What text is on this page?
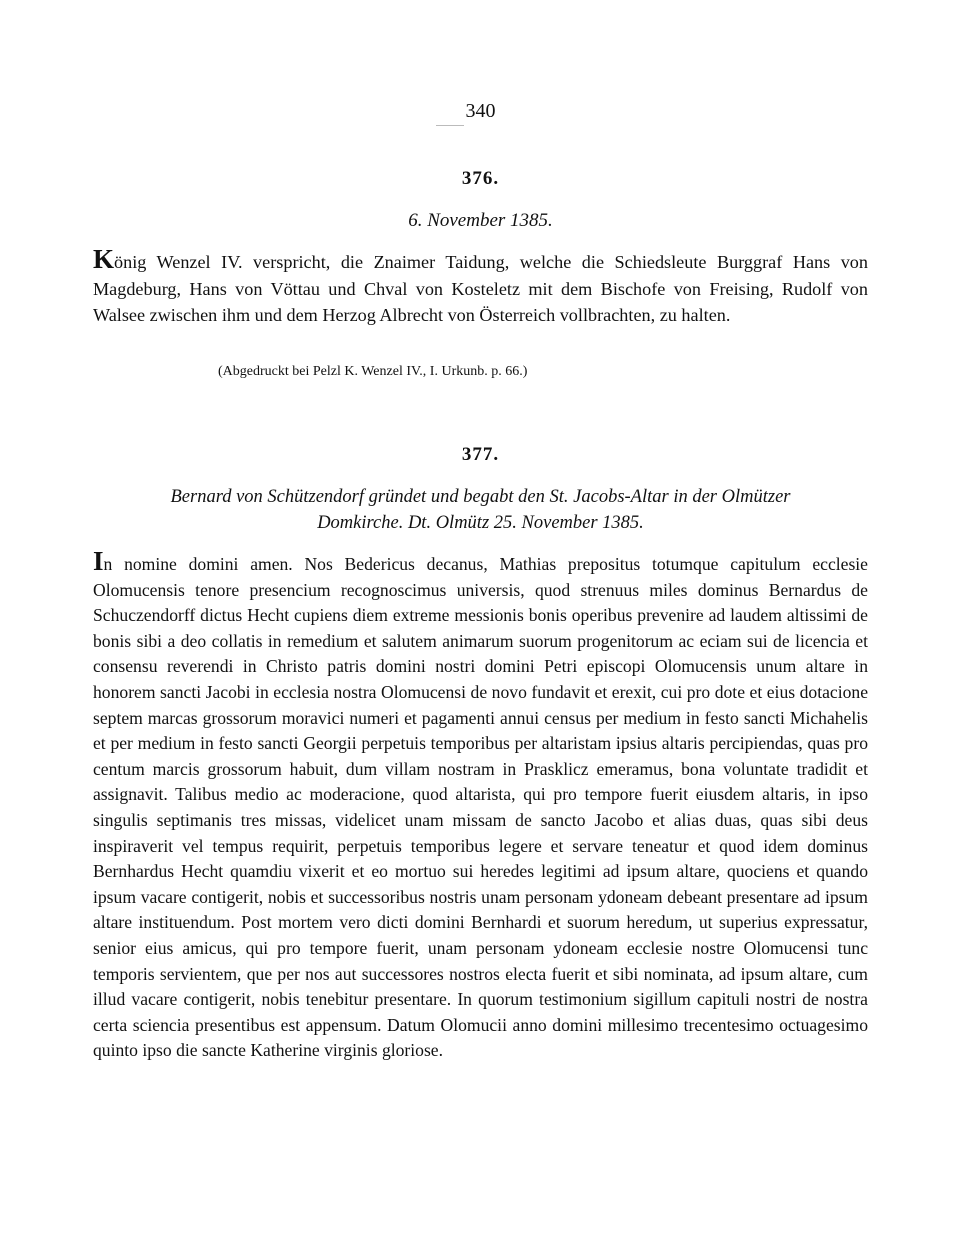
340
376.
6. November 1385.
König Wenzel IV. verspricht, die Znaimer Taidung, welche die Schiedsleute Burggraf Hans von Magdeburg, Hans von Vöttau und Chval von Kosteletz mit dem Bischofe von Freising, Rudolf von Walsee zwischen ihm und dem Herzog Albrecht von Österreich vollbrachten, zu halten.
(Abgedruckt bei Pelzl K. Wenzel IV., I. Urkunb. p. 66.)
377.
Bernard von Schützendorf gründet und begabt den St. Jacobs-Altar in der Olmützer
Domkirche. Dt. Olmütz 25. November 1385.
In nomine domini amen. Nos Bedericus decanus, Mathias prepositus totumque capitulum ecclesie Olomucensis tenore presencium recognoscimus universis, quod strenuus miles dominus Bernardus de Schuczendorff dictus Hecht cupiens diem extreme messionis bonis operibus prevenire ad laudem altissimi de bonis sibi a deo collatis in remedium et salutem animarum suorum progenitorum ac eciam sui de licencia et consensu reverendi in Christo patris domini nostri domini Petri episcopi Olomucensis unum altare in honorem sancti Jacobi in ecclesia nostra Olomucensi de novo fundavit et erexit, cui pro dote et eius dotacione septem marcas grossorum moravici numeri et pagamenti annui census per medium in festo sancti Michahelis et per medium in festo sancti Georgii perpetuis temporibus per altaristam ipsius altaris percipiendas, quas pro centum marcis grossorum habuit, dum villam nostram in Prasklicz emeramus, bona voluntate tradidit et assignavit. Talibus medio ac moderacione, quod altarista, qui pro tempore fuerit eiusdem altaris, in ipso singulis septimanis tres missas, videlicet unam missam de sancto Jacobo et alias duas, quas sibi deus inspiraverit vel tempus requirit, perpetuis temporibus legere et servare teneatur et quod idem dominus Bernhardus Hecht quamdiu vixerit et eo mortuo sui heredes legitimi ad ipsum altare, quociens et quando ipsum vacare contigerit, nobis et successoribus nostris unam personam ydoneam debeant presentare ad ipsum altare instituendum. Post mortem vero dicti domini Bernhardi et suorum heredum, ut superius expressatur, senior eius amicus, qui pro tempore fuerit, unam personam ydoneam ecclesie nostre Olomucensi tunc temporis servientem, que per nos aut successores nostros electa fuerit et sibi nominata, ad ipsum altare, cum illud vacare contigerit, nobis tenebitur presentare. In quorum testimonium sigillum capituli nostri de nostra certa sciencia presentibus est appensum. Datum Olomucii anno domini millesimo trecentesimo octuagesimo quinto ipso die sancte Katherine virginis gloriose.
